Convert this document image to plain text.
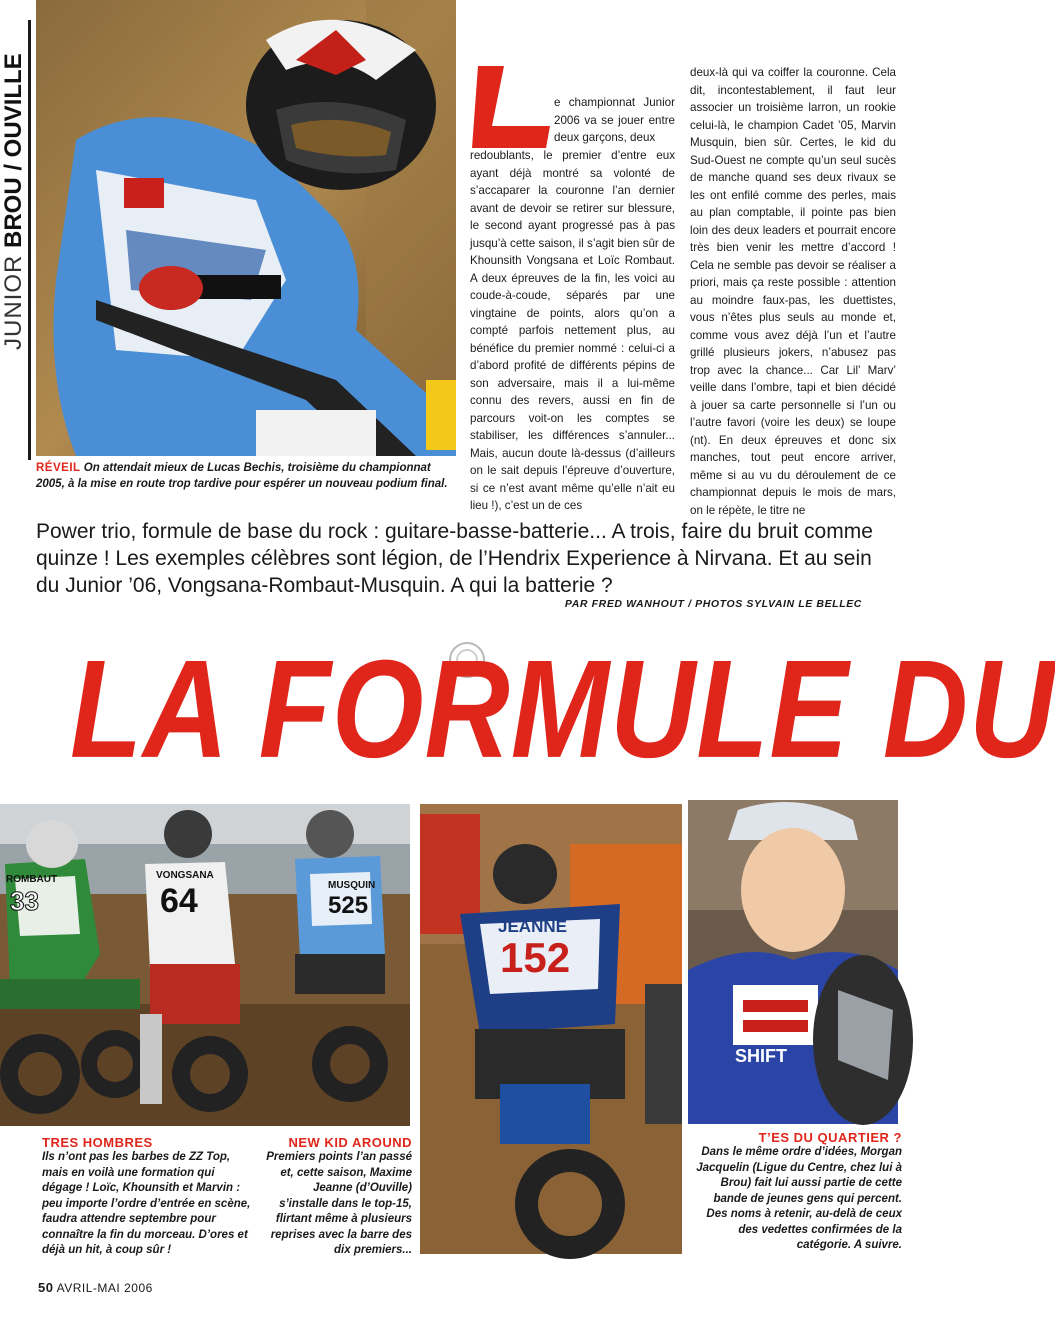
JUNIOR BROU / OUVILLE
RÉVEIL On attendait mieux de Lucas Bechis, troisième du championnat 2005, à la mise en route trop tardive pour espérer un nouveau podium final.
e championnat Junior 2006 va se jouer entre deux garçons, deux
redoublants, le premier d’entre eux ayant déjà montré sa volonté de s’accaparer la couronne l’an dernier avant de devoir se retirer sur blessure, le second ayant progressé pas à pas jusqu’à cette saison, il s’agit bien sûr de Khounsith Vongsana et Loïc Rombaut. A deux épreuves de la fin, les voici au coude-à-coude, séparés par une vingtaine de points, alors qu’on a compté parfois nettement plus, au bénéfice du premier nommé : celui-ci a d’abord profité de différents pépins de son adversaire, mais il a lui-même connu des revers, aussi en fin de parcours voit-on les comptes se stabiliser, les différences s’annuler... Mais, aucun doute là-dessus (d’ailleurs on le sait depuis l’épreuve d’ouverture, si ce n’est avant même qu’elle n’ait eu lieu !), c’est un de ces
deux-là qui va coiffer la couronne. Cela dit, incontestablement, il faut leur associer un troisième larron, un rookie celui-là, le champion Cadet ’05, Marvin Musquin, bien sûr. Certes, le kid du Sud-Ouest ne compte qu’un seul sucès de manche quand ses deux rivaux se les ont enfilé comme des perles, mais au plan comptable, il pointe pas bien loin des deux leaders et pourrait encore très bien venir les mettre d’accord ! Cela ne semble pas devoir se réaliser a priori, mais ça reste possible : attention au moindre faux-pas, les duettistes, vous n’êtes plus seuls au monde et, comme vous avez déjà l’un et l’autre grillé plusieurs jokers, n’abusez pas trop avec la chance... Car Lil’ Marv’ veille dans l’ombre, tapi et bien décidé à jouer sa carte personnelle si l’un ou l’autre favori (voire les deux) se loupe (nt). En deux épreuves et donc six manches, tout peut encore arriver, même si au vu du déroulement de ce championnat depuis le mois de mars, on le répète, le titre ne
Power trio, formule de base du rock : guitare-basse-batterie... A trois, faire du bruit comme quinze ! Les exemples célèbres sont légion, de l’Hendrix Experience à Nirvana. Et au sein du Junior ’06, Vongsana-Rombaut-Musquin. A qui la batterie ?
PAR FRED WANHOUT / PHOTOS SYLVAIN LE BELLEC
LA FORMULE DU
ROMBAUT
33
VONGSANA
64	MUSQUIN
525
JEANNE
152
SHIFT
TRES HOMBRES
Ils n’ont pas les barbes de ZZ Top, mais en voilà une formation qui dégage ! Loïc, Khounsith et Marvin : peu importe l’ordre d’entrée en scène, faudra attendre septembre pour connaître la fin du morceau. D’ores et déjà un hit, à coup sûr !
NEW KID AROUND
Premiers points l’an passé et, cette saison, Maxime Jeanne (d’Ouville) s’installe dans le top-15, flirtant même à plusieurs reprises avec la barre des dix premiers...
T’ES DU QUARTIER ?
Dans le même ordre d’idées, Morgan Jacquelin (Ligue du Centre, chez lui à Brou) fait lui aussi partie de cette bande de jeunes gens qui percent. Des noms à retenir, au-delà de ceux des vedettes confirmées de la catégorie. A suivre.
50 AVRIL-MAI 2006
